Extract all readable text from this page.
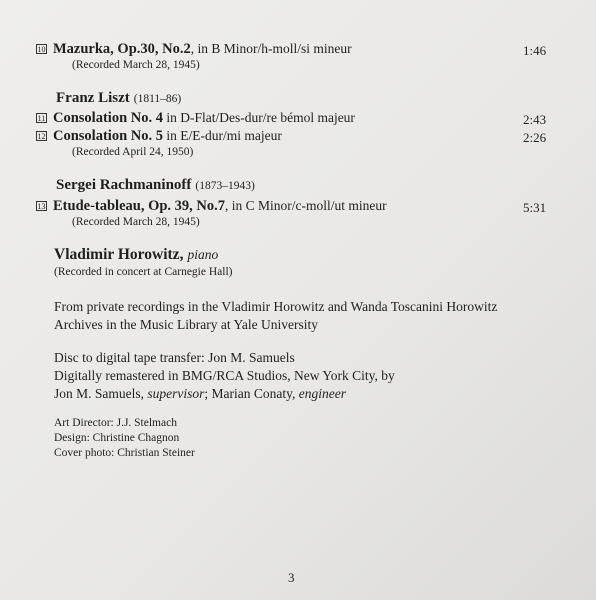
10 Mazurka, Op.30, No.2, in B Minor/h-moll/si mineur	1:46
(Recorded March 28, 1945)
Franz Liszt (1811–86)
11 Consolation No. 4 in D-Flat/Des-dur/re bémol majeur	2:43
12 Consolation No. 5 in E/E-dur/mi majeur	2:26
(Recorded April 24, 1950)
Sergei Rachmaninoff (1873–1943)
13 Etude-tableau, Op. 39, No.7, in C Minor/c-moll/ut mineur	5:31
(Recorded March 28, 1945)
Vladimir Horowitz, piano
(Recorded in concert at Carnegie Hall)
From private recordings in the Vladimir Horowitz and Wanda Toscanini Horowitz
Archives in the Music Library at Yale University
Disc to digital tape transfer: Jon M. Samuels
Digitally remastered in BMG/RCA Studios, New York City, by
Jon M. Samuels, supervisor; Marian Conaty, engineer
Art Director: J.J. Stelmach
Design: Christine Chagnon
Cover photo: Christian Steiner
3
